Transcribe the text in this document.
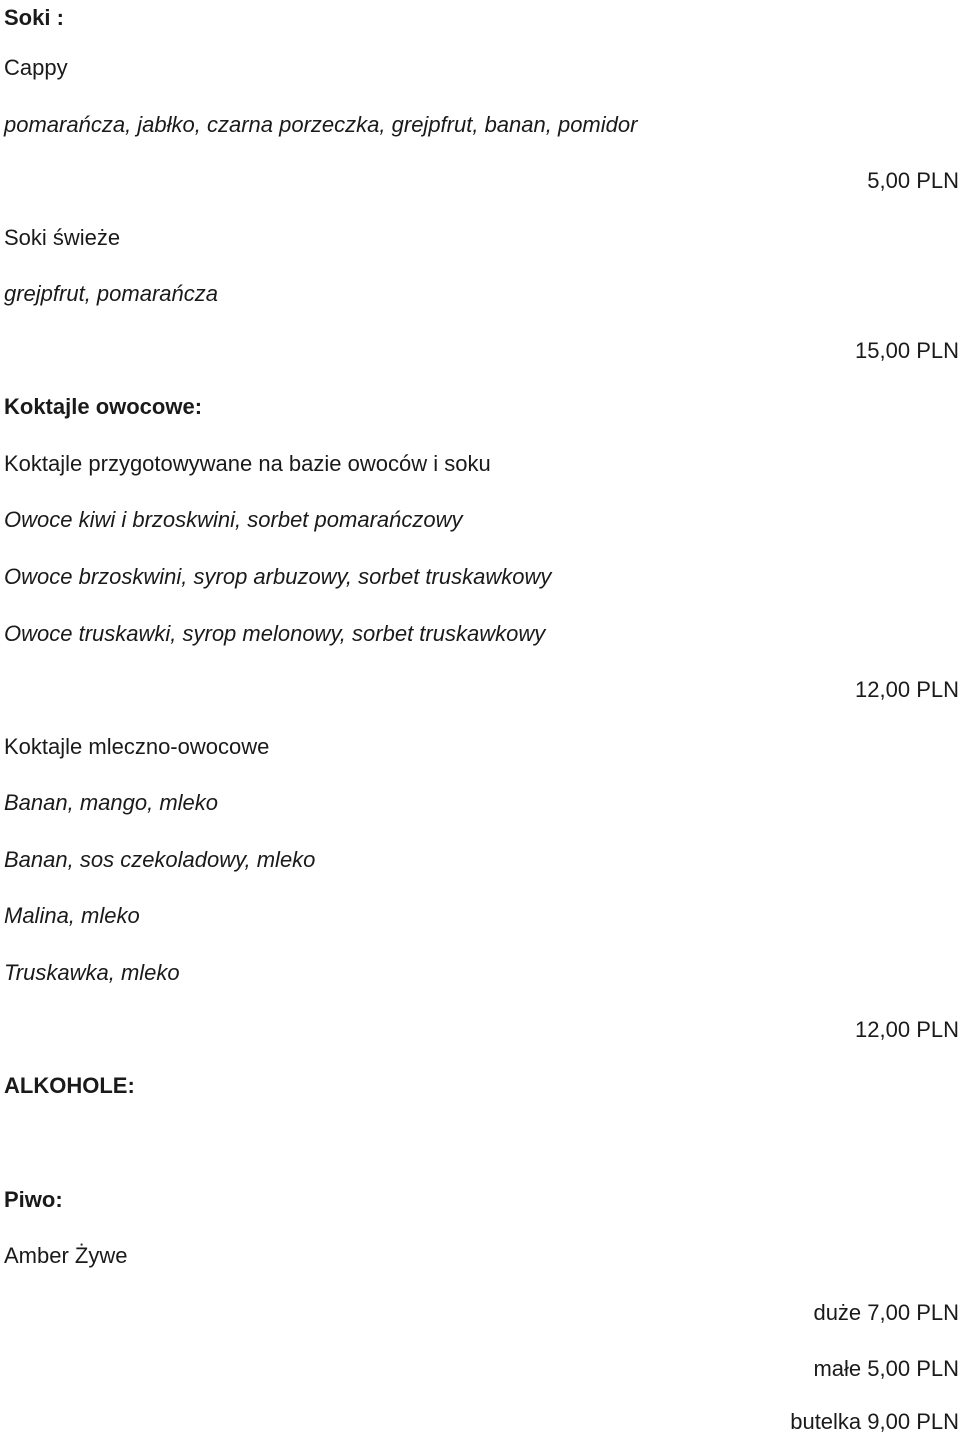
Soki :
Cappy
pomarańcza, jabłko, czarna porzeczka, grejpfrut, banan, pomidor
5,00 PLN
Soki świeże
grejpfrut, pomarańcza
15,00 PLN
Koktajle owocowe:
Koktajle przygotowywane na bazie owoców i soku
Owoce kiwi i brzoskwini, sorbet pomarańczowy
Owoce brzoskwini, syrop arbuzowy, sorbet truskawkowy
Owoce truskawki, syrop melonowy, sorbet truskawkowy
12,00 PLN
Koktajle mleczno-owocowe
Banan, mango, mleko
Banan, sos czekoladowy, mleko
Malina, mleko
Truskawka, mleko
12,00 PLN
ALKOHOLE:
Piwo:
Amber Żywe
duże 7,00 PLN
małe 5,00 PLN
butelka 9,00 PLN
